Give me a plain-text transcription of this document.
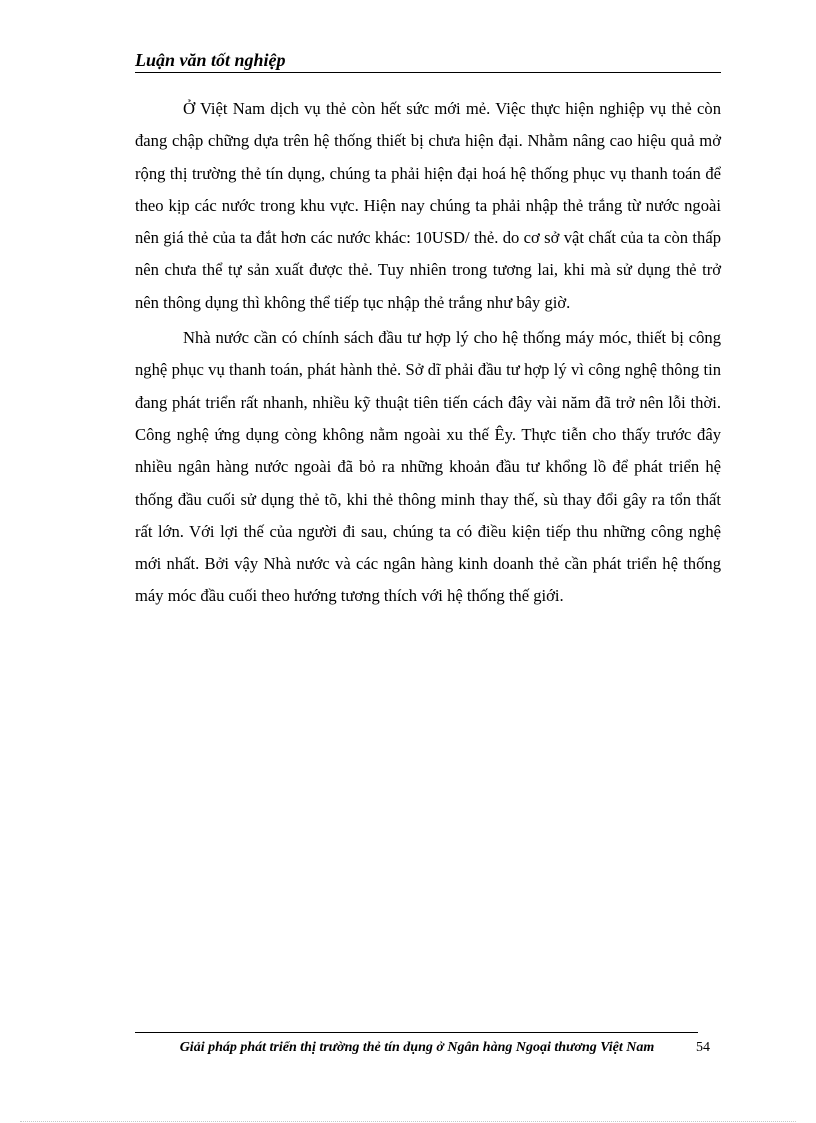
Luận văn tốt nghiệp

Ở Việt Nam dịch vụ thẻ còn hết sức mới mẻ. Việc thực hiện nghiệp vụ thẻ còn đang chập chững dựa trên hệ thống thiết bị chưa hiện đại. Nhằm nâng cao hiệu quả mở rộng thị trường thẻ tín dụng, chúng ta phải hiện đại hoá hệ thống phục vụ thanh toán để theo kịp các nước trong khu vực. Hiện nay chúng ta phải nhập thẻ trắng từ nước ngoài nên giá thẻ của ta đắt hơn các nước khác: 10USD/ thẻ. do cơ sở vật chất của ta còn thấp nên chưa thể tự sản xuất được thẻ. Tuy nhiên trong tương lai, khi mà sử dụng thẻ trở nên thông dụng thì không thể tiếp tục nhập thẻ trắng như bây giờ.

Nhà nước cần có chính sách đầu tư hợp lý cho hệ thống máy móc, thiết bị công nghệ phục vụ thanh toán, phát hành thẻ. Sở dĩ phải đầu tư hợp lý vì công nghệ thông tin đang phát triển rất nhanh, nhiều kỹ thuật tiên tiến cách đây vài năm đã trở nên lỗi thời. Công nghệ ứng dụng còng không nằm ngoài xu thế Êy. Thực tiễn cho thấy trước đây nhiều ngân hàng nước ngoài đã bỏ ra những khoản đầu tư khổng lồ để phát triển hệ thống đầu cuối sử dụng thẻ tõ, khi thẻ thông minh thay thế, sù thay đổi gây ra tổn thất rất lớn. Với lợi thế của người đi sau, chúng ta có điều kiện tiếp thu những công nghệ mới nhất. Bởi vậy Nhà nước và các ngân hàng kinh doanh thẻ cần phát triển hệ thống máy móc đầu cuối theo hướng tương thích với hệ thống thế giới.

Giải pháp phát triển thị trường thẻ tín dụng ở Ngân hàng Ngoại thương Việt Nam	54
